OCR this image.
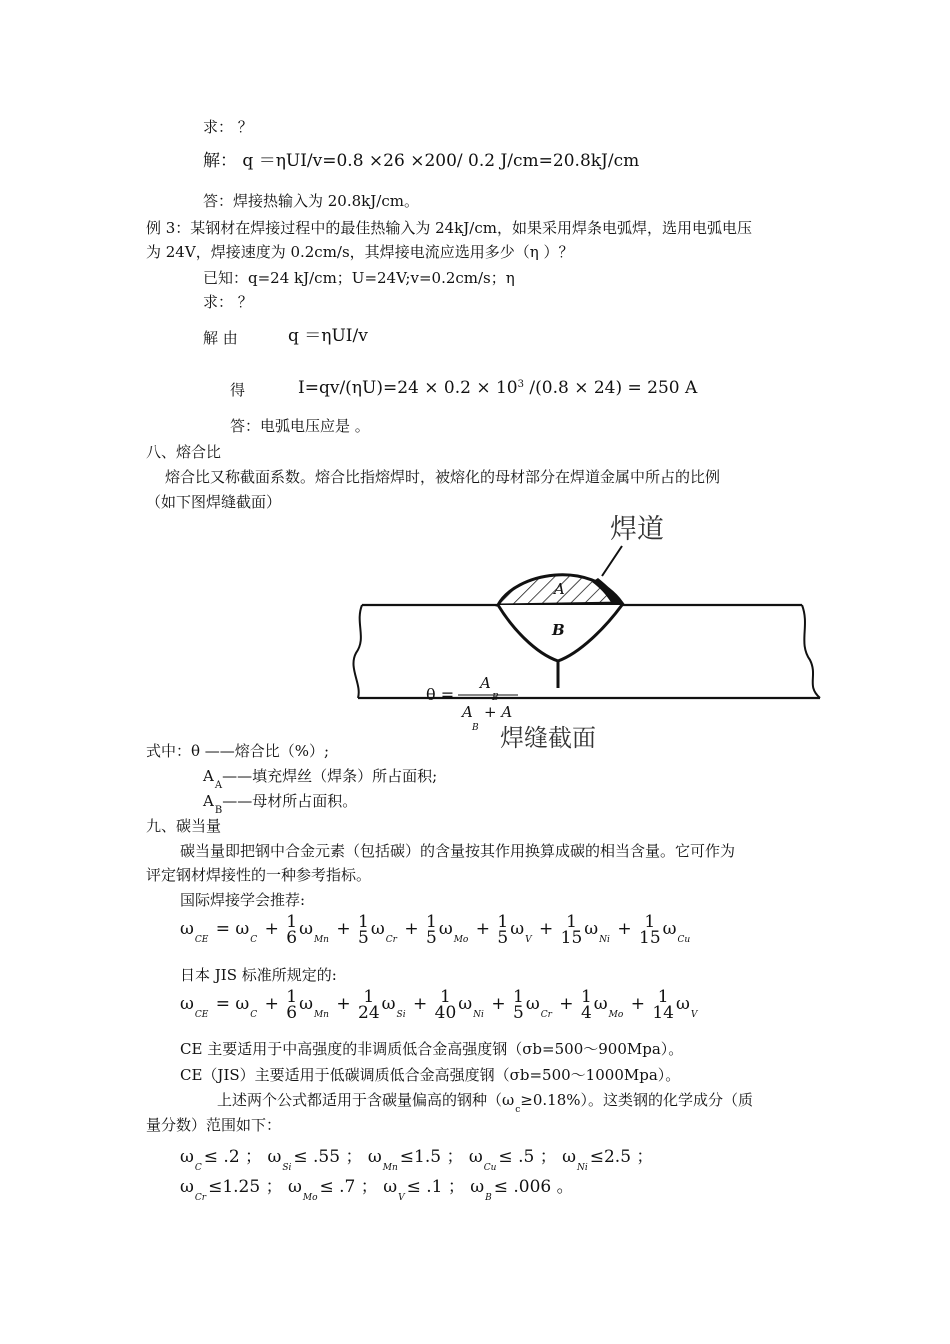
求： ？
解： q ＝ηUI/v=0.8 ×26 ×200/ 0.2 J/cm=20.8kJ/cm
答：焊接热输入为 20.8kJ/cm。
例 3：某钢材在焊接过程中的最佳热输入为 24kJ/cm，如果采用焊条电弧焊，选用电弧电压
为 24V，焊接速度为 0.2cm/s，其焊接电流应选用多少（η ）？
已知：q=24 kJ/cm；U=24V;v=0.2cm/s；η
求： ？
解 由	q ＝ηUI/v
得	$I=qv/(\eta U)=24 \times 0.2 \times 10^3$ /(0.8 × 24) = 250 A
答：电弧电压应是 。
八、熔合比
熔合比又称截面系数。熔合比指熔焊时，被熔化的母材部分在焊道金属中所占的比例
（如下图焊缝截面）
焊道
A
B
θ =
A
B
A
B
+ A
焊缝截面
式中：θ ——熔合比（%）;
$A_A——$填充焊丝（焊条）所占面积;
$A_B——$母材所占面积。
九、碳当量
碳当量即把钢中合金元素（包括碳）的含量按其作用换算成碳的相当含量。它可作为
评定钢材焊接性的一种参考指标。
国际焊接学会推荐:
$\omega_{CE} = \omega_C + 1$
6 $\omega_{Mn} + 1$
5 $\omega_{Cr} + 1$
5 $\omega_{Mo} + 1$
5 $\omega_V + 1$
15 $\omega_{Ni} + 1$
15 $\omega_{Cu}$
日本 JIS 标准所规定的:
$\omega_{CE} = \omega_C + 1$
6 $\omega_{Mn} + 1$
24 $\omega_{Si} + 1$
40 $\omega_{Ni} + 1$
5 $\omega_{Cr} + 1$
4 $\omega_{Mo} + 1$
14 $\omega_V$
CE 主要适用于中高强度的非调质低合金高强度钢（σb=500～900Mpa）。
CE（JIS）主要适用于低碳调质低合金高强度钢（σb=500～1000Mpa）。
上述两个公式都适用于含碳量偏高的钢种$(\omega_c\ge 0.18\%)$。这类钢的化学成分（质
量分数）范围如下：
$\omega_C\le .2$ ； $\omega_{Si}\le .55$ ； $\omega_{Mn}\le 1.5$ ； $\omega_{Cu}\le .5$ ； $\omega_{Ni}\le 2.5$ ；
$\omega_{Cr}\le 1.25$ ； $\omega_{Mo}\le .7$ ； $\omega_V\le .1$ ； $\omega_B\le .006$ 。
